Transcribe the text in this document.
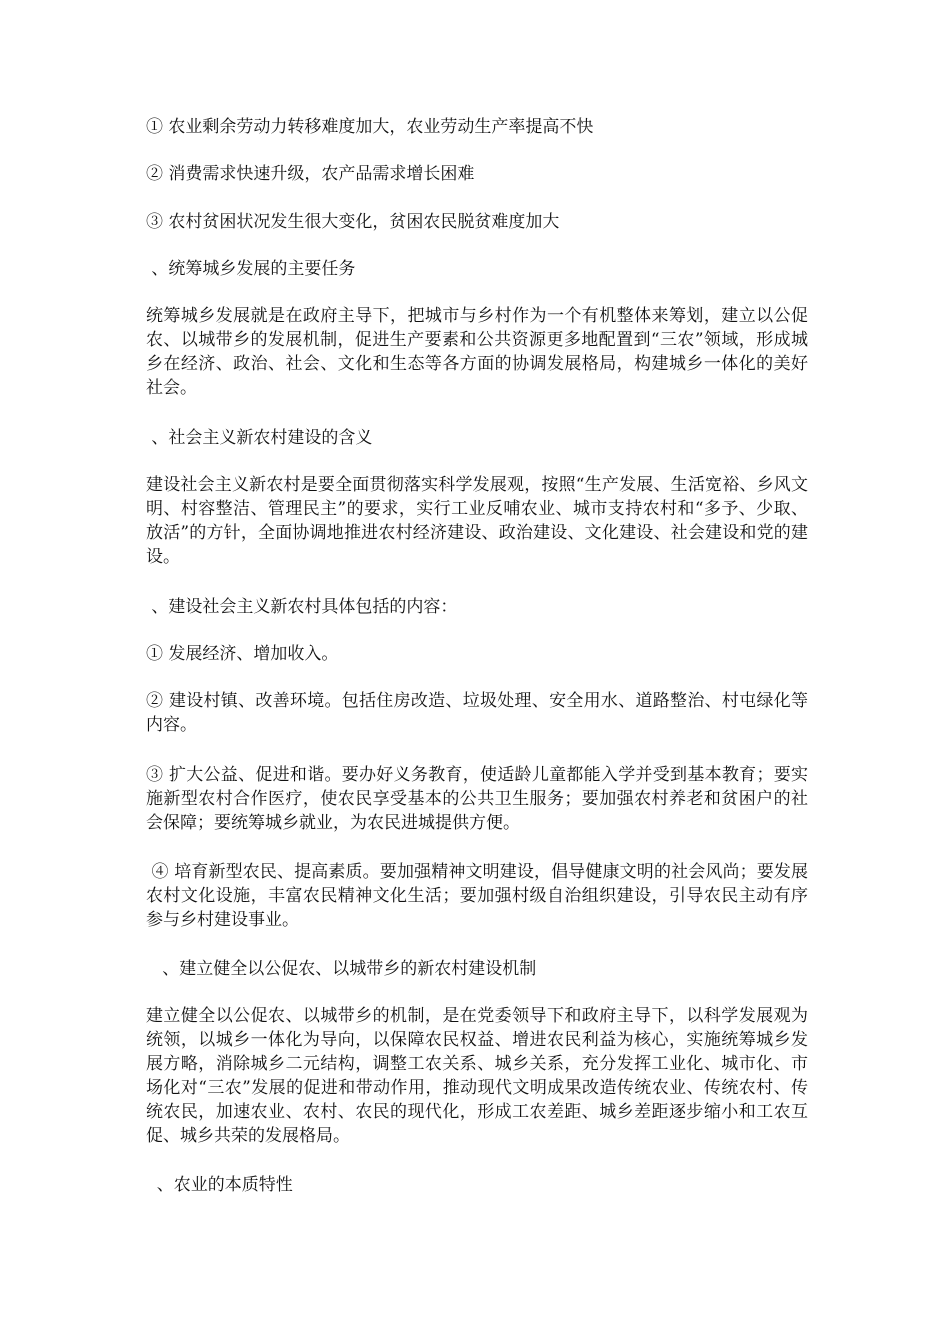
① 农业剩余劳动力转移难度加大，农业劳动生产率提高不快
② 消费需求快速升级，农产品需求增长困难
③ 农村贫困状况发生很大变化，贫困农民脱贫难度加大
、统筹城乡发展的主要任务
统筹城乡发展就是在政府主导下，把城市与乡村作为一个有机整体来筹划，建立以公促农、以城带乡的发展机制，促进生产要素和公共资源更多地配置到“三农”领域，形成城乡在经济、政治、社会、文化和生态等各方面的协调发展格局，构建城乡一体化的美好社会。
、社会主义新农村建设的含义
建设社会主义新农村是要全面贯彻落实科学发展观，按照“生产发展、生活宽裕、乡风文明、村容整洁、管理民主”的要求，实行工业反哺农业、城市支持农村和“多予、少取、放活”的方针，全面协调地推进农村经济建设、政治建设、文化建设、社会建设和党的建设。
、建设社会主义新农村具体包括的内容：
① 发展经济、增加收入。
② 建设村镇、改善环境。包括住房改造、垃圾处理、安全用水、道路整治、村屯绿化等内容。
③ 扩大公益、促进和谐。要办好义务教育，使适龄儿童都能入学并受到基本教育；要实施新型农村合作医疗，使农民享受基本的公共卫生服务；要加强农村养老和贫困户的社会保障；要统筹城乡就业，为农民进城提供方便。
④ 培育新型农民、提高素质。要加强精神文明建设，倡导健康文明的社会风尚；要发展农村文化设施，丰富农民精神文化生活；要加强村级自治组织建设，引导农民主动有序参与乡村建设事业。
、建立健全以公促农、以城带乡的新农村建设机制
建立健全以公促农、以城带乡的机制，是在党委领导下和政府主导下，以科学发展观为统领，以城乡一体化为导向，以保障农民权益、增进农民利益为核心，实施统筹城乡发展方略，消除城乡二元结构，调整工农关系、城乡关系，充分发挥工业化、城市化、市场化对“三农”发展的促进和带动作用，推动现代文明成果改造传统农业、传统农村、传统农民，加速农业、农村、农民的现代化，形成工农差距、城乡差距逐步缩小和工农互促、城乡共荣的发展格局。
、农业的本质特性
